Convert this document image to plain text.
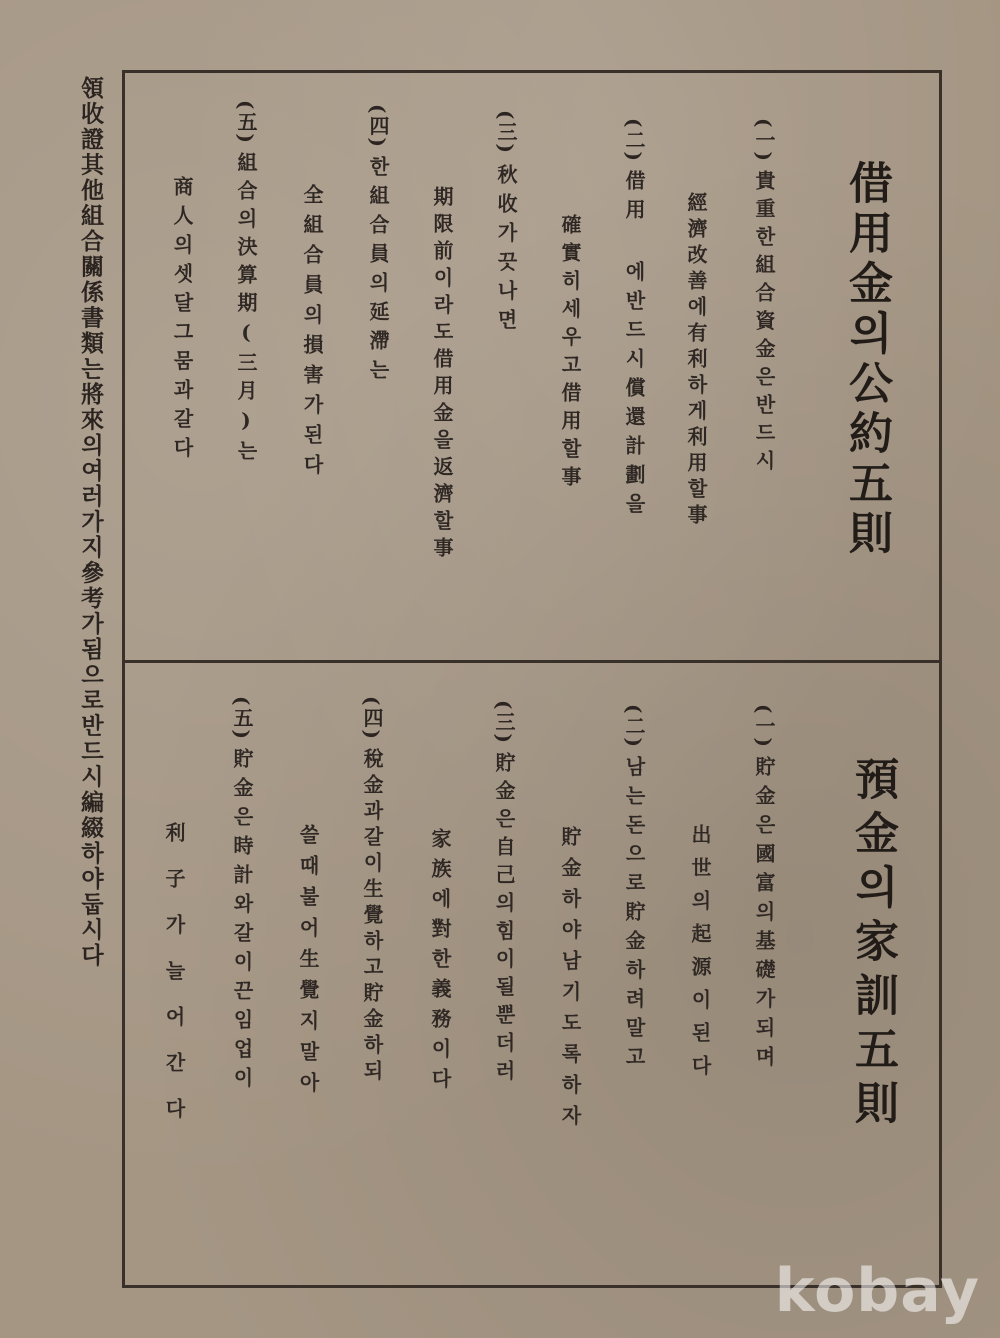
領收證其他組合關係書類는將來의여러가지參考가됨으로반드시編綴하야둡시다	借用金의公約五則
(一)
貴重한組合資金은반드시
經濟改善에有利하게利用할事
(二)
借用 에반드시償還計劃을
確實히세우고借用할事
(三)
秋收가끗나면
期限前이라도借用金을返濟할事
(四)
한組合員의延滯는
全組合員의損害가된다
(五)
組合의決算期(三月)는
商人의셋달그뭄과갈다
預金의家訓五則
(一)
貯金은國富의基礎가되며
出世의起源이된다
(二)
남는돈으로貯金하려말고
貯金하야남기도록하자
(三)
貯金은自己의힘이될뿐더러
家族에對한義務이다
(四)
稅金과갈이生覺하고貯金하되
쓸때불어生覺지말아
(五)
貯金은時計와갈이끈임업이
利子가늘어간다
kobay
